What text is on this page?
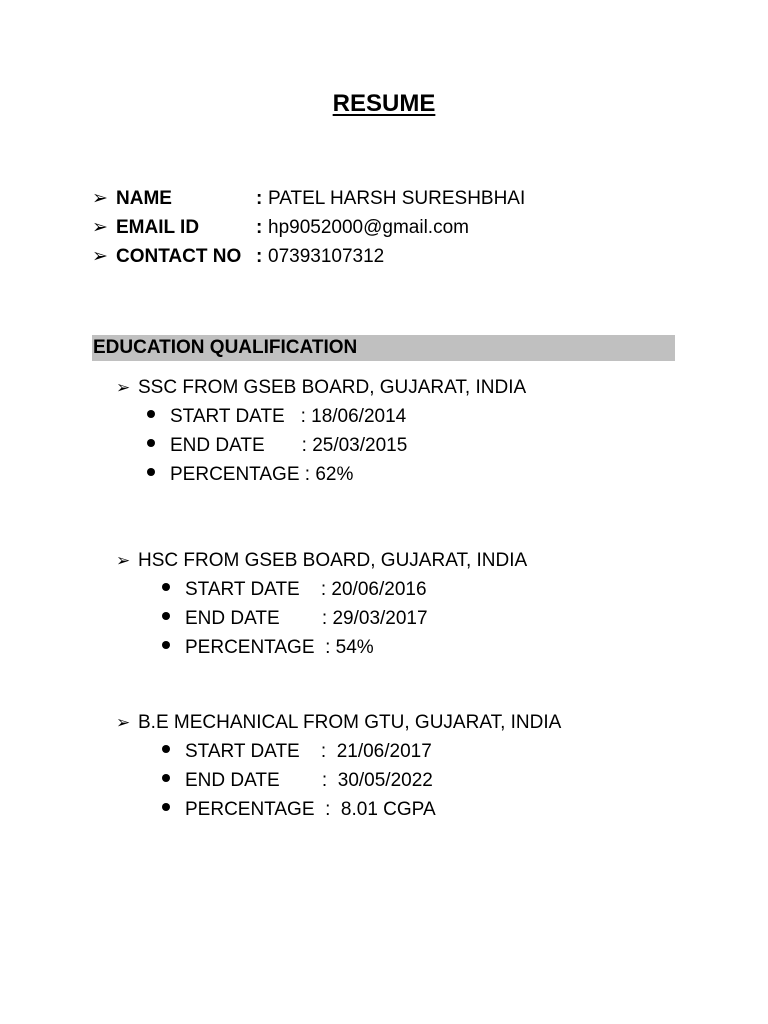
RESUME
➢ NAME	: PATEL HARSH SURESHBHAI
➢ EMAIL ID	: hp9052000@gmail.com
➢ CONTACT NO : 07393107312
EDUCATION QUALIFICATION
➢ SSC FROM GSEB BOARD, GUJARAT, INDIA
START DATE : 18/06/2014
END DATE : 25/03/2015
PERCENTAGE : 62%
➢ HSC FROM GSEB BOARD, GUJARAT, INDIA
START DATE : 20/06/2016
END DATE : 29/03/2017
PERCENTAGE : 54%
➢ B.E MECHANICAL FROM GTU, GUJARAT, INDIA
START DATE : 21/06/2017
END DATE : 30/05/2022
PERCENTAGE : 8.01 CGPA
